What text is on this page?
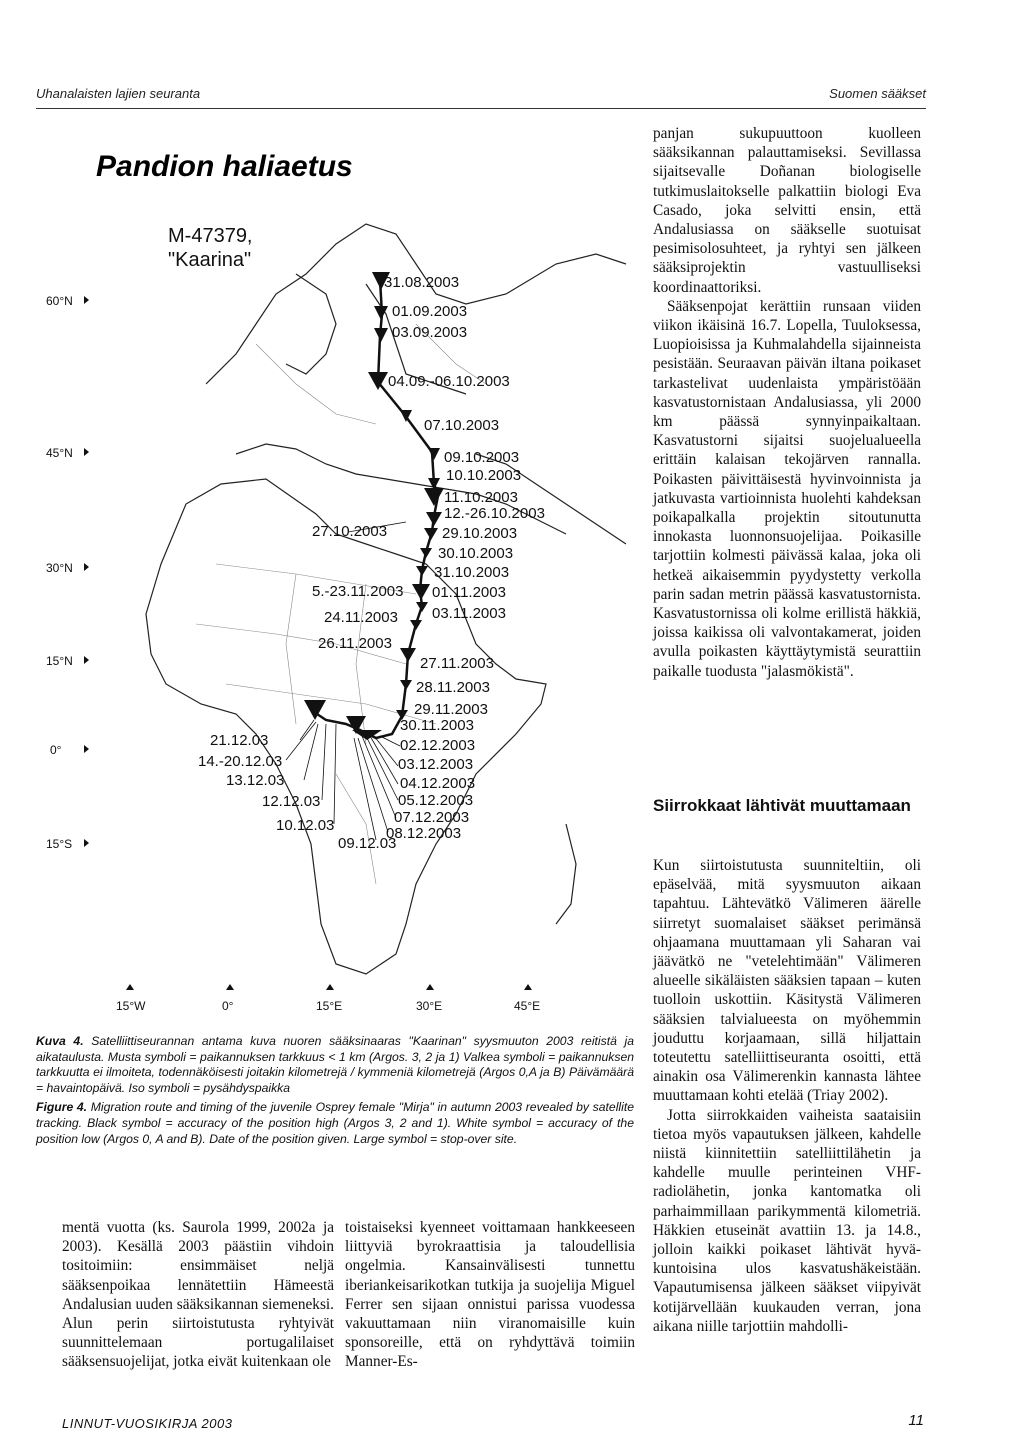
Uhanalaisten lajien seuranta	Suomen sääkset
Pandion haliaetus
M-47379,
"Kaarina"
60°N
45°N
30°N
15°N
0°
15°S
15°W	0°	15°E	30°E	45°E
31.08.2003
01.09.2003
03.09.2003
04.09.-06.10.2003
07.10.2003
09.10.2003
10.10.2003
11.10.2003
12.-26.10.2003
29.10.2003
30.10.2003
31.10.2003
01.11.2003
03.11.2003
27.11.2003
28.11.2003
29.11.2003
30.11.2003
02.12.2003
03.12.2003
04.12.2003
05.12.2003
07.12.2003
08.12.2003
09.12.03
27.10.2003
5.-23.11.2003
24.11.2003
26.11.2003
21.12.03
14.-20.12.03
13.12.03
12.12.03
10.12.03

Kuva 4. Satelliittiseurannan antama kuva nuoren sääksinaaras "Kaarinan" syysmuuton 2003 reitistä ja aikataulusta. Musta symboli = paikannuksen tarkkuus < 1 km (Argos. 3, 2 ja 1) Valkea symboli = paikannuksen tarkkuutta ei ilmoiteta, todennäköisesti joitakin kilometrejä / kymmeniä kilometrejä (Argos 0,A ja B) Päivämäärä = havaintopäivä. Iso symboli = pysähdyspaikka

Figure 4. Migration route and timing of the juvenile Osprey female "Mirja" in autumn 2003 revealed by satellite tracking. Black symbol = accuracy of the position high (Argos 3, 2 and 1). White symbol = accuracy of the position low (Argos 0, A and B). Date of the position given. Large symbol = stop-over site.

mentä vuotta (ks. Saurola 1999, 2002a ja 2003). Kesällä 2003 päästiin vihdoin tositoimiin: ensimmäiset neljä sääksenpoikaa lennätettiin Hämeestä Andalusian uuden sääksikannan siemeneksi. Alun perin siirtoistutusta ryhtyivät suunnittelemaan portugalilaiset sääksensuojelijat, jotka eivät kuitenkaan ole

toistaiseksi kyenneet voittamaan hankkeeseen liittyviä byrokraattisia ja taloudellisia ongelmia. Kansainvälisesti tunnettu iberiankeisarikotkan tutkija ja suojelija Miguel Ferrer sen sijaan onnistui parissa vuodessa vakuuttamaan niin viranomaisille kuin sponsoreille, että on ryhdyttävä toimiin Manner-Es-

panjan sukupuuttoon kuolleen sääksikannan palauttamiseksi. Sevillassa sijaitsevalle Doñanan biologiselle tutkimuslaitokselle palkattiin biologi Eva Casado, joka selvitti ensin, että Andalusiassa on sääkselle suotuisat pesimisolosuhteet, ja ryhtyi sen jälkeen sääksiprojektin vastuulliseksi koordinaattoriksi.

Sääksenpojat kerättiin runsaan viiden viikon ikäisinä 16.7. Lopella, Tuuloksessa, Luopioisissa ja Kuhmalahdella sijainneista pesistään. Seuraavan päivän iltana poikaset tarkastelivat uudenlaista ympäristöään kasvatustornistaan Andalusiassa, yli 2000 km päässä synnyinpaikaltaan. Kasvatustorni sijaitsi suojelualueella erittäin kalaisan tekojärven rannalla. Poikasten päivittäisestä hyvinvoinnista ja jatkuvasta vartioinnista huolehti kahdeksan poikapalkalla projektin sitoutunutta innokasta luonnonsuojelijaa. Poikasille tarjottiin kolmesti päivässä kalaa, joka oli hetkeä aikaisemmin pyydystetty verkolla parin sadan metrin päässä kasvatustornista. Kasvatustornissa oli kolme erillistä häkkiä, joissa kaikissa oli valvontakamerat, joiden avulla poikasten käyttäytymistä seurattiin paikalle tuodusta "jalasmökistä".

Siirrokkaat lähtivät muuttamaan

Kun siirtoistutusta suunniteltiin, oli epäselvää, mitä syysmuuton aikaan tapahtuu. Lähtevätkö Välimeren äärelle siirretyt suomalaiset sääkset perimänsä ohjaamana muuttamaan yli Saharan vai jäävätkö ne "vetelehtimään" Välimeren alueelle sikäläisten sääksien tapaan – kuten tuolloin uskottiin. Käsitystä Välimeren sääksien talvialueesta on myöhemmin jouduttu korjaamaan, sillä hiljattain toteutettu satelliittiseuranta osoitti, että ainakin osa Välimerenkin kannasta lähtee muuttamaan kohti etelää (Triay 2002).

Jotta siirrokkaiden vaiheista saataisiin tietoa myös vapautuksen jälkeen, kahdelle niistä kiinnitettiin satelliittilähetin ja kahdelle muulle perinteinen VHF-radiolähetin, jonka kantomatka oli parhaimmillaan parikymmentä kilometriä. Häkkien etuseinät avattiin 13. ja 14.8., jolloin kaikki poikaset lähtivät hyvä-kuntoisina ulos kasvatushäkeistään. Vapautumisensa jälkeen sääkset viipyivät kotijärvellään kuukauden verran, jona aikana niille tarjottiin mahdolli-

LINNUT-VUOSIKIRJA 2003	11
